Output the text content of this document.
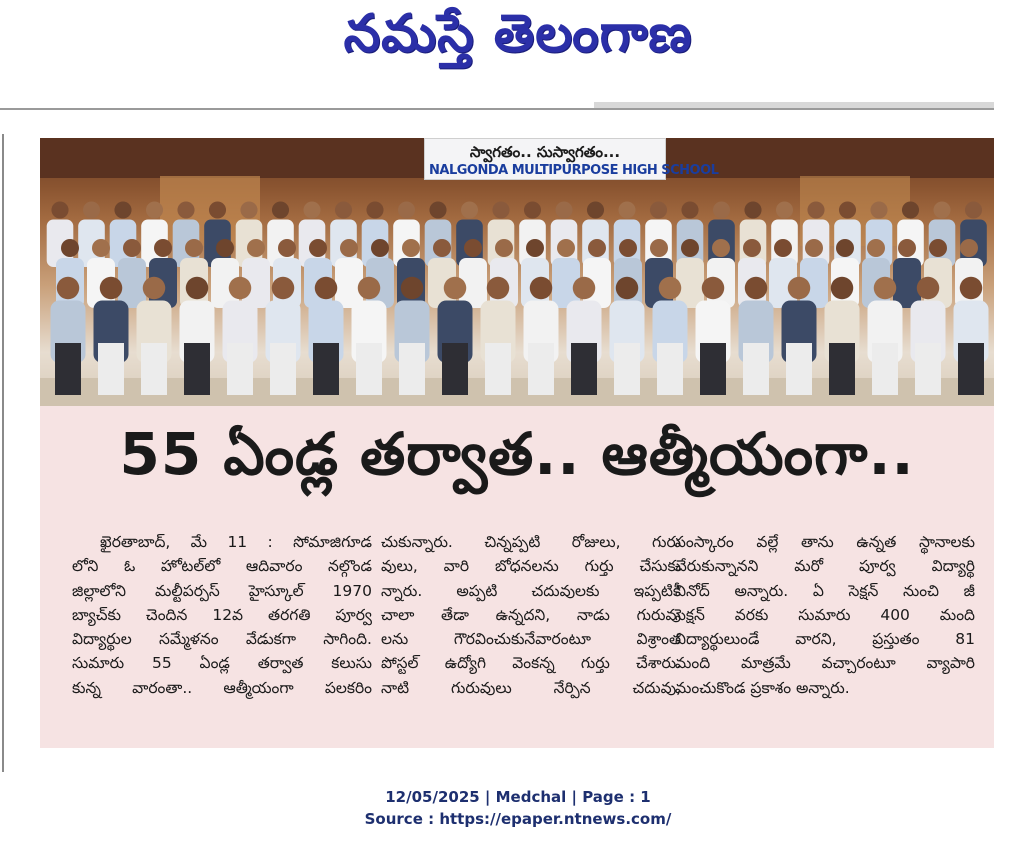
నమస్తే తెలంగాణ
స్వాగతం.. సుస్వాగతం...
NALGONDA MULTIPURPOSE HIGH SCHOOL
55 ఏండ్ల తర్వాత.. ఆత్మీయంగా..
ఖైరతాబాద్, మే 11 : సోమాజిగూడ
లోని ఓ హోటల్‌లో ఆదివారం నల్గొండ
జిల్లాలోని మల్టీపర్పస్ హైస్కూల్ 1970
బ్యాచ్‌కు చెందిన 12వ తరగతి పూర్వ
విద్యార్థుల సమ్మేళనం వేడుకగా సాగింది.
సుమారు 55 ఏండ్ల తర్వాత కలుసు
కున్న వారంతా.. ఆత్మీయంగా పలకరిం
చుకున్నారు. చిన్నప్పటి రోజులు, గురు
వులు, వారి బోధనలను గుర్తు చేసుకు
న్నారు. అప్పటి చదువులకు ఇప్పటికీ
చాలా తేడా ఉన్నదని, నాడు గురువు
లను గౌరవించుకునేవారంటూ విశ్రాంత
పోస్టల్ ఉద్యోగి వెంకన్న గుర్తు చేశారు.
నాటి గురువులు నేర్పిన చదువు,
సంస్కారం వల్లే తాను ఉన్నత స్థానాలకు
చేరుకున్నానని మరో పూర్వ విద్యార్థి
వినోద్ అన్నారు. ఏ సెక్షన్ నుంచి జీ
సెక్షన్ వరకు సుమారు 400 మంది
విద్యార్థులుండే వారని, ప్రస్తుతం 81
మంది మాత్రమే వచ్చారంటూ వ్యాపారి
మంచుకొండ ప్రకాశం అన్నారు.
12/05/2025 | Medchal | Page : 1
Source : https://epaper.ntnews.com/
